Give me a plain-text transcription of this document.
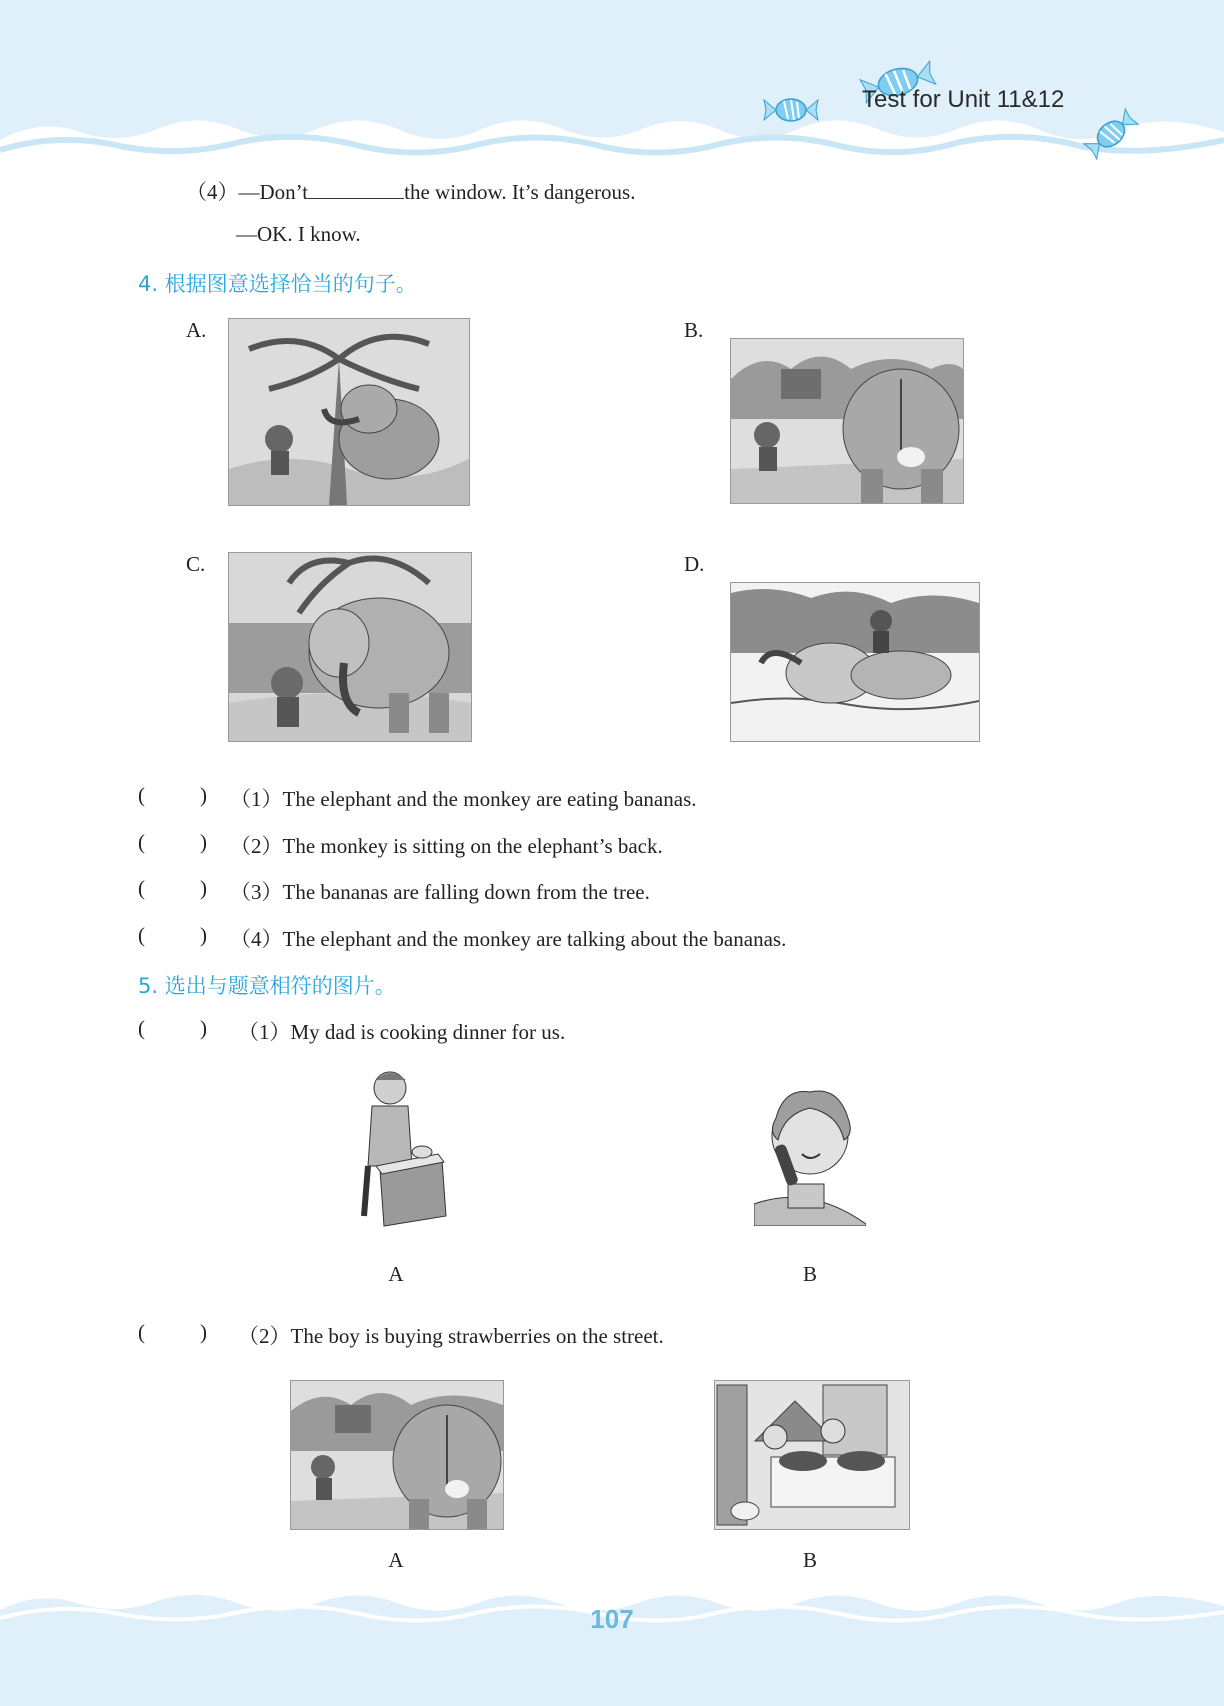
Test for Unit 11&12
（4）—Don’t	the window. It’s dangerous.
—OK. I know.
4. 根据图意选择恰当的句子。
A.	B.
C.	D.
(	) （1）The elephant and the monkey are eating bananas.
(	) （2）The monkey is sitting on the elephant’s back.
(	) （3）The bananas are falling down from the tree.
(	) （4）The elephant and the monkey are talking about the bananas.
5. 选出与题意相符的图片。
(	) （1）My dad is cooking dinner for us.
A	B
(	) （2）The boy is buying strawberries on the street.
A	B
107
